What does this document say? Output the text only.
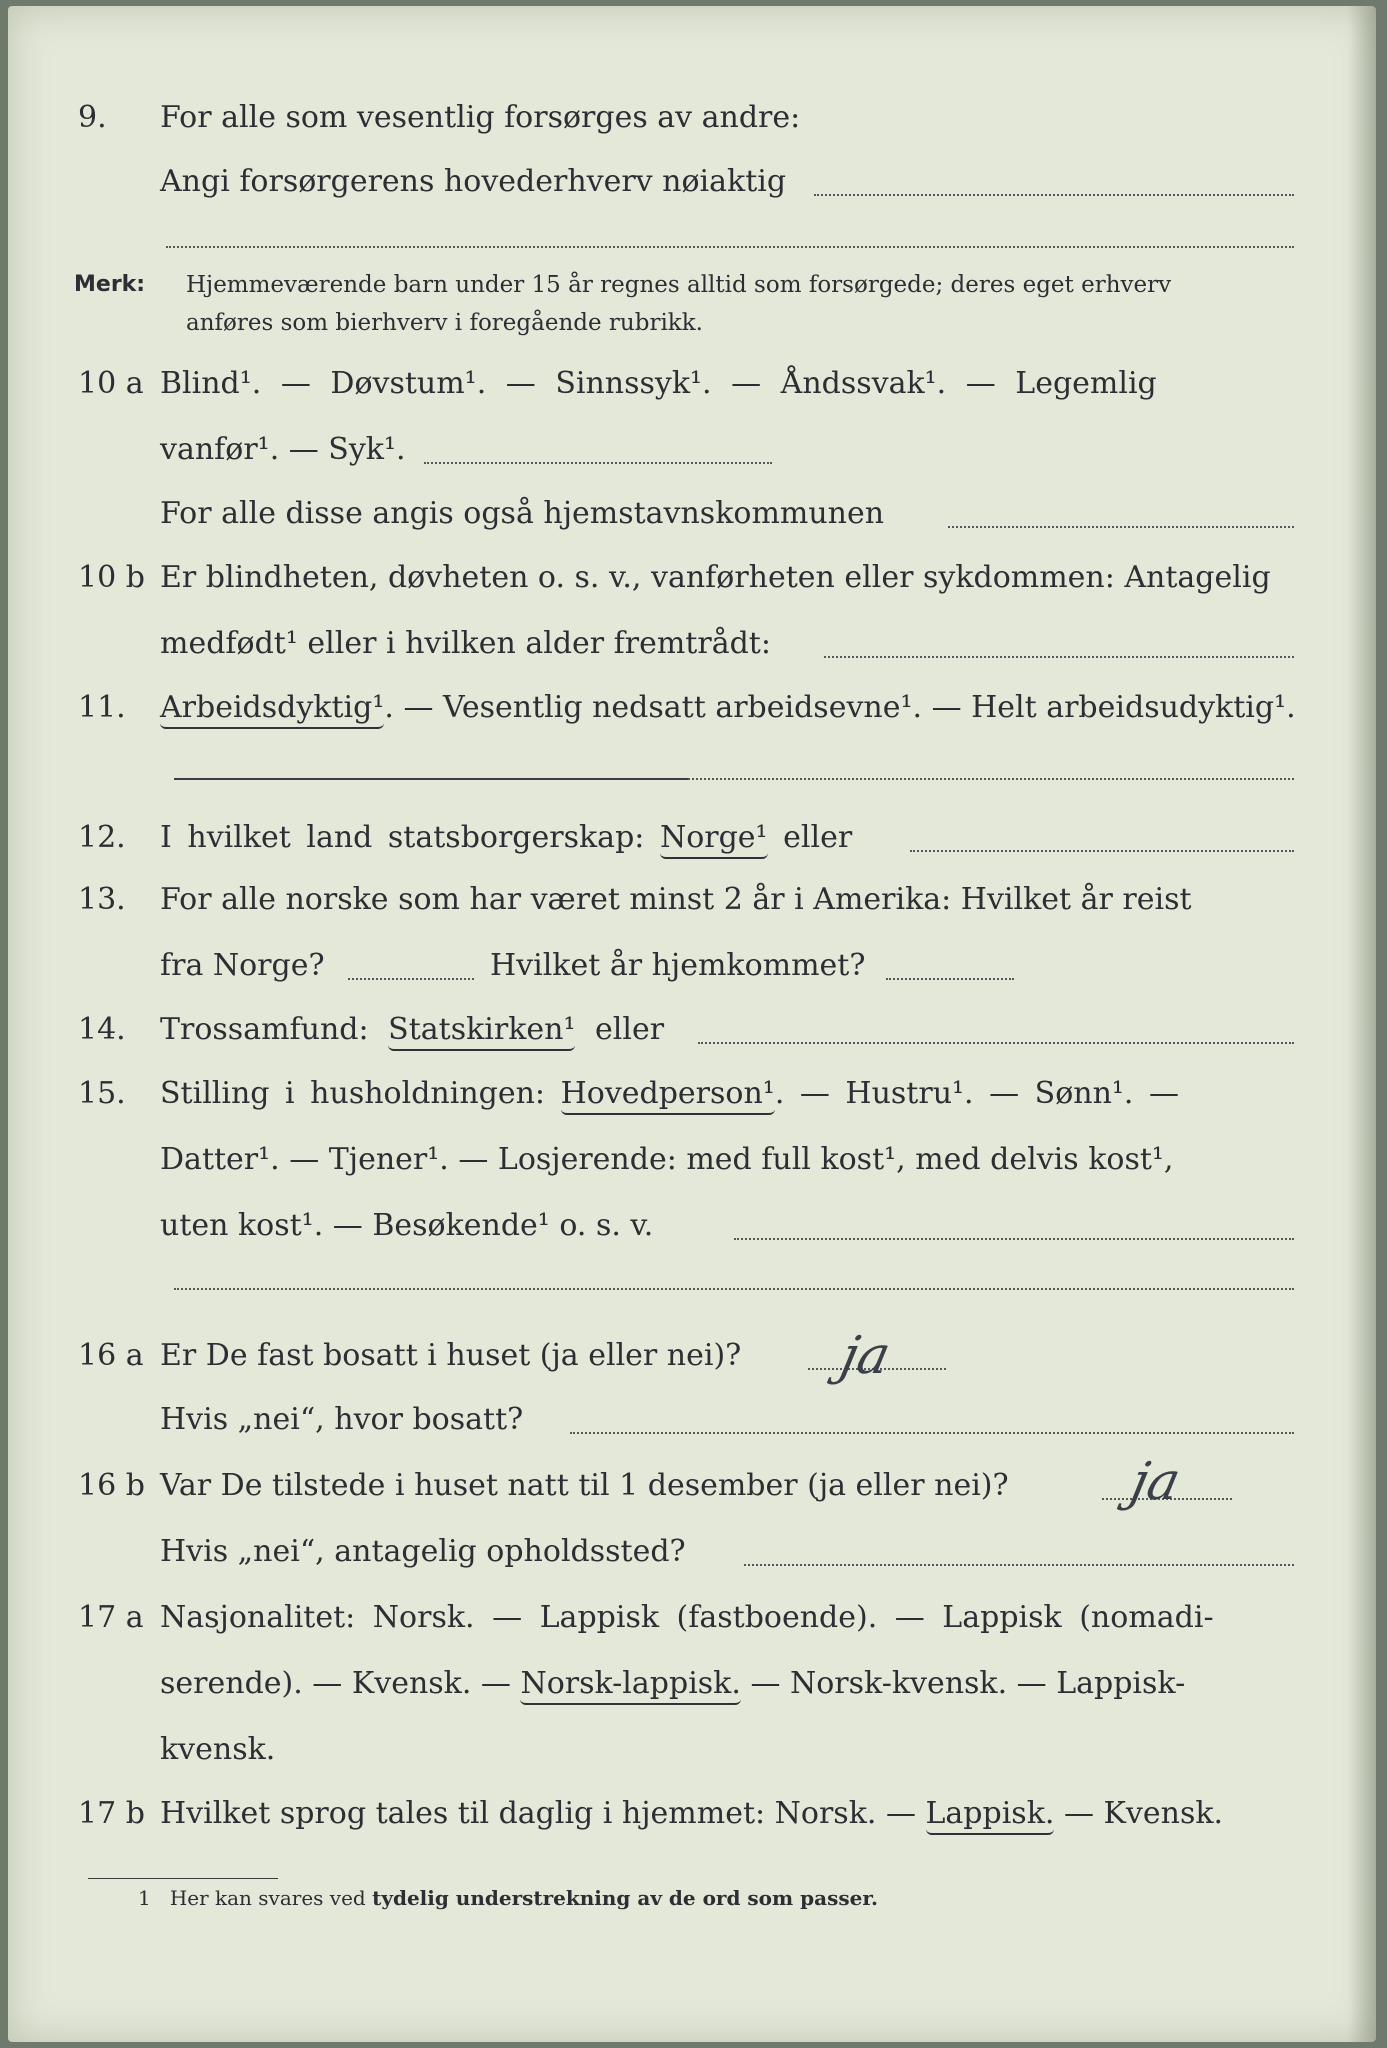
9.	For alle som vesentlig forsørges av andre:
Angi forsørgerens hovederhverv nøiaktig
Merk: Hjemmeværende barn under 15 år regnes alltid som forsørgede; deres eget erhverv
anføres som bierhverv i foregående rubrikk.
10 a Blind¹. — Døvstum¹. — Sinnssyk¹. — Åndssvak¹. — Legemlig
vanfør¹. — Syk¹.
For alle disse angis også hjemstavnskommunen
10 b Er blindheten, døvheten o. s. v., vanførheten eller sykdommen: Antagelig
medfødt¹ eller i hvilken alder fremtrådt:
11.	Arbeidsdyktig¹. — Vesentlig nedsatt arbeidsevne¹. — Helt arbeidsudyktig¹.
12.	I hvilket land statsborgerskap: Norge¹ eller
13.	For alle norske som har været minst 2 år i Amerika: Hvilket år reist
fra Norge?	Hvilket år hjemkommet?
14.	Trossamfund: Statskirken¹ eller
15.	Stilling i husholdningen: Hovedperson¹. — Hustru¹. — Sønn¹. —
Datter¹. — Tjener¹. — Losjerende: med full kost¹, med delvis kost¹,
uten kost¹. — Besøkende¹ o. s. v.
16 a Er De fast bosatt i huset (ja eller nei)? ja
Hvis „nei“, hvor bosatt?
16 b Var De tilstede i huset natt til 1 desember (ja eller nei)? ja
Hvis „nei“, antagelig opholdssted?
17 a Nasjonalitet: Norsk. — Lappisk (fastboende). — Lappisk (nomadi-
serende). — Kvensk. — Norsk-lappisk. — Norsk-kvensk. — Lappisk-
kvensk.
17 b Hvilket sprog tales til daglig i hjemmet: Norsk. — Lappisk. — Kvensk.
1 Her kan svares ved tydelig understrekning av de ord som passer.
